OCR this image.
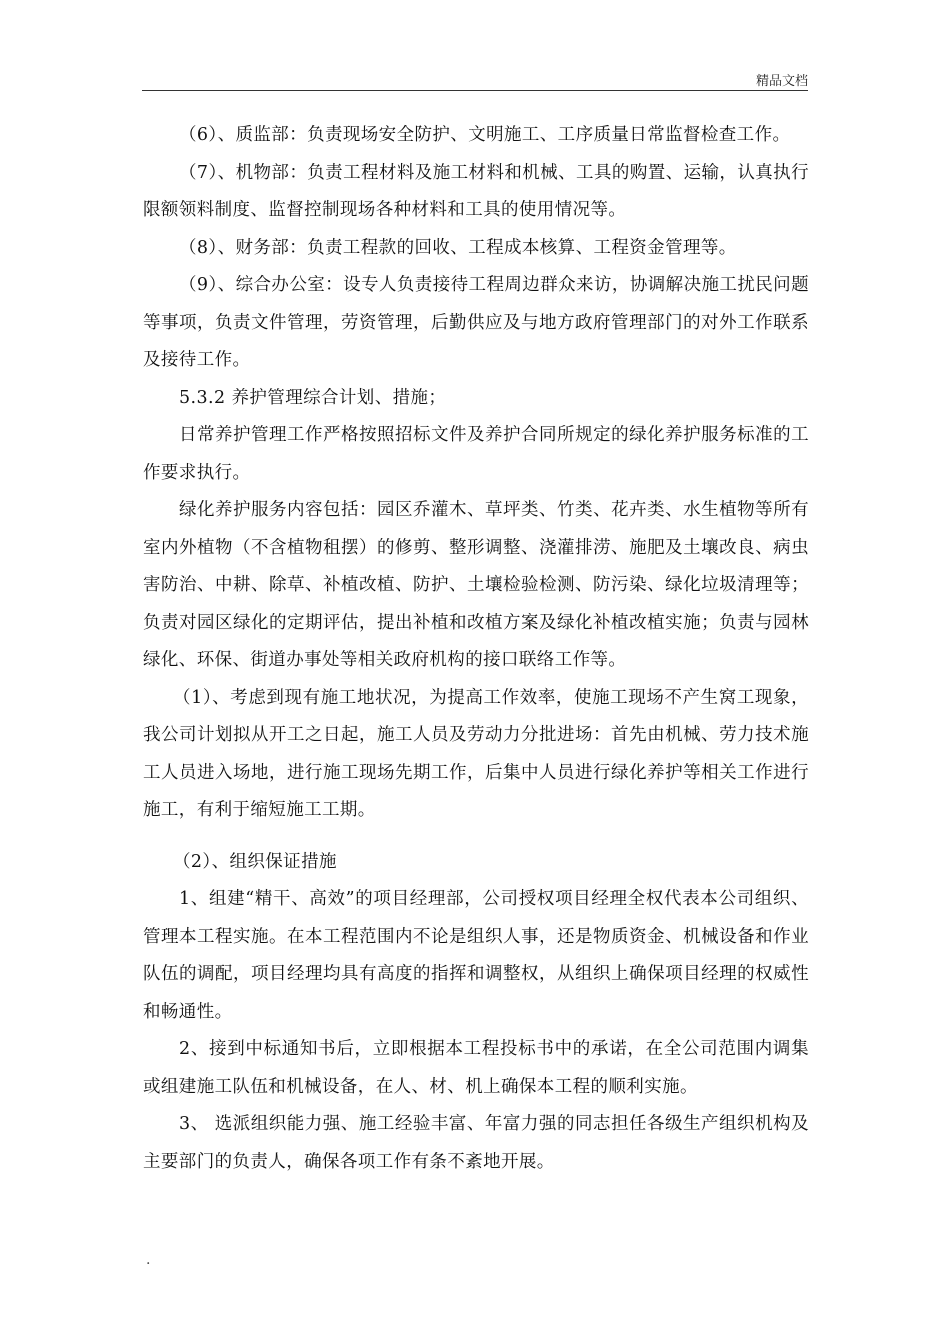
精品文档

（6）、质监部：负责现场安全防护、文明施工、工序质量日常监督检查工作。

（7）、机物部：负责工程材料及施工材料和机械、工具的购置、运输，认真执行限额领料制度、监督控制现场各种材料和工具的使用情况等。

（8）、财务部：负责工程款的回收、工程成本核算、工程资金管理等。

（9）、综合办公室：设专人负责接待工程周边群众来访，协调解决施工扰民问题等事项，负责文件管理，劳资管理，后勤供应及与地方政府管理部门的对外工作联系及接待工作。

5.3.2 养护管理综合计划、措施；

日常养护管理工作严格按照招标文件及养护合同所规定的绿化养护服务标准的工作要求执行。

绿化养护服务内容包括：园区乔灌木、草坪类、竹类、花卉类、水生植物等所有室内外植物（不含植物租摆）的修剪、整形调整、浇灌排涝、施肥及土壤改良、病虫害防治、中耕、除草、补植改植、防护、土壤检验检测、防污染、绿化垃圾清理等；负责对园区绿化的定期评估，提出补植和改植方案及绿化补植改植实施；负责与园林绿化、环保、街道办事处等相关政府机构的接口联络工作等。

（1）、考虑到现有施工地状况，为提高工作效率，使施工现场不产生窝工现象，我公司计划拟从开工之日起，施工人员及劳动力分批进场：首先由机械、劳力技术施工人员进入场地，进行施工现场先期工作，后集中人员进行绿化养护等相关工作进行施工，有利于缩短施工工期。

（2）、组织保证措施

1、组建“精干、高效”的项目经理部，公司授权项目经理全权代表本公司组织、管理本工程实施。在本工程范围内不论是组织人事，还是物质资金、机械设备和作业队伍的调配，项目经理均具有高度的指挥和调整权，从组织上确保项目经理的权威性和畅通性。

2、接到中标通知书后，立即根据本工程投标书中的承诺，在全公司范围内调集或组建施工队伍和机械设备，在人、材、机上确保本工程的顺利实施。

3、 选派组织能力强、施工经验丰富、年富力强的同志担任各级生产组织机构及主要部门的负责人，确保各项工作有条不紊地开展。

.
